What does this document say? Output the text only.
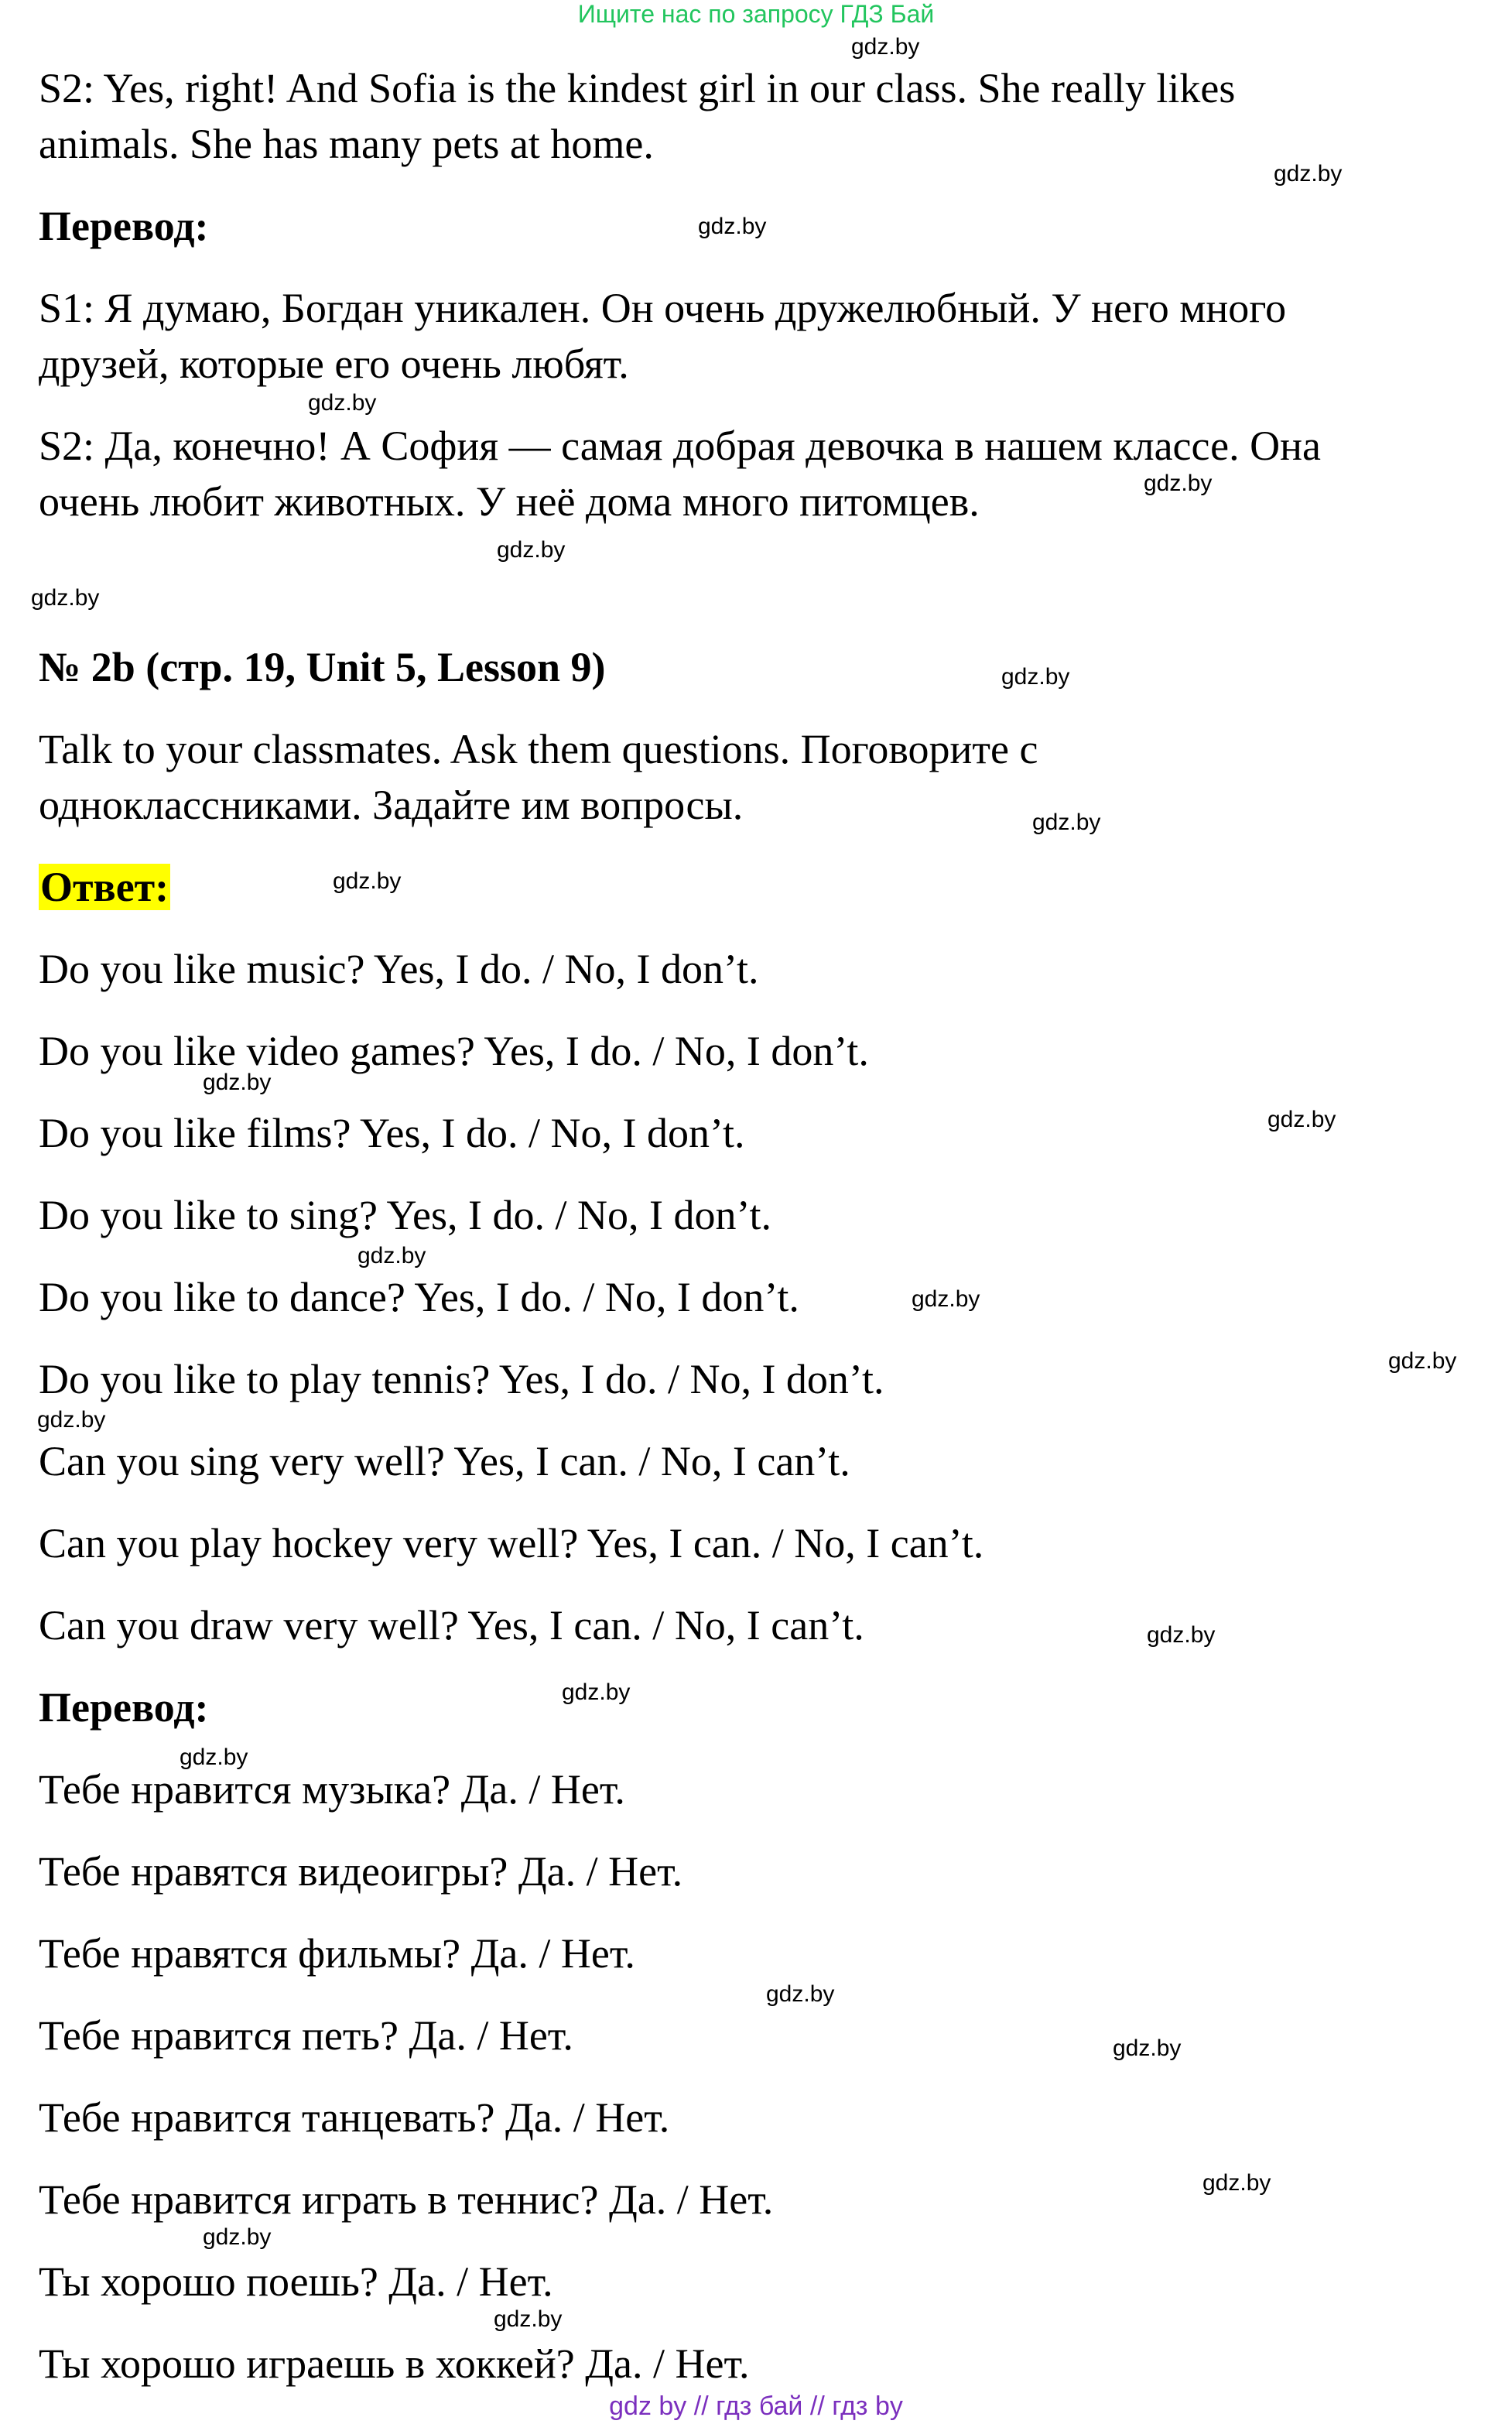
Ищите нас по запросу ГДЗ Бай
S2: Yes, right! And Sofia is the kindest girl in our class. She really likes
animals. She has many pets at home.
Перевод:
S1: Я думаю, Богдан уникален. Он очень дружелюбный. У него много
друзей, которые его очень любят.
S2: Да, конечно! А София — самая добрая девочка в нашем классе. Она
очень любит животных. У неё дома много питомцев.
№ 2b (стр. 19, Unit 5, Lesson 9)
Talk to your classmates. Ask them questions. Поговорите с
одноклассниками. Задайте им вопросы.
Ответ:
Do you like music? Yes, I do. / No, I don’t.
Do you like video games? Yes, I do. / No, I don’t.
Do you like films? Yes, I do. / No, I don’t.
Do you like to sing? Yes, I do. / No, I don’t.
Do you like to dance? Yes, I do. / No, I don’t.
Do you like to play tennis? Yes, I do. / No, I don’t.
Can you sing very well? Yes, I can. / No, I can’t.
Can you play hockey very well? Yes, I can. / No, I can’t.
Can you draw very well? Yes, I can. / No, I can’t.
Перевод:
Тебе нравится музыка? Да. / Нет.
Тебе нравятся видеоигры? Да. / Нет.
Тебе нравятся фильмы? Да. / Нет.
Тебе нравится петь? Да. / Нет.
Тебе нравится танцевать? Да. / Нет.
Тебе нравится играть в теннис? Да. / Нет.
Ты хорошо поешь? Да. / Нет.
Ты хорошо играешь в хоккей? Да. / Нет.
gdz.by
gdz.by
gdz.by
gdz.by
gdz.by
gdz.by
gdz.by
gdz.by
gdz.by
gdz.by
gdz.by
gdz.by
gdz.by
gdz.by
gdz.by
gdz.by
gdz.by
gdz.by
gdz.by
gdz.by
gdz.by
gdz.by
gdz.by
gdz.by
gdz by // гдз бай // гдз by
